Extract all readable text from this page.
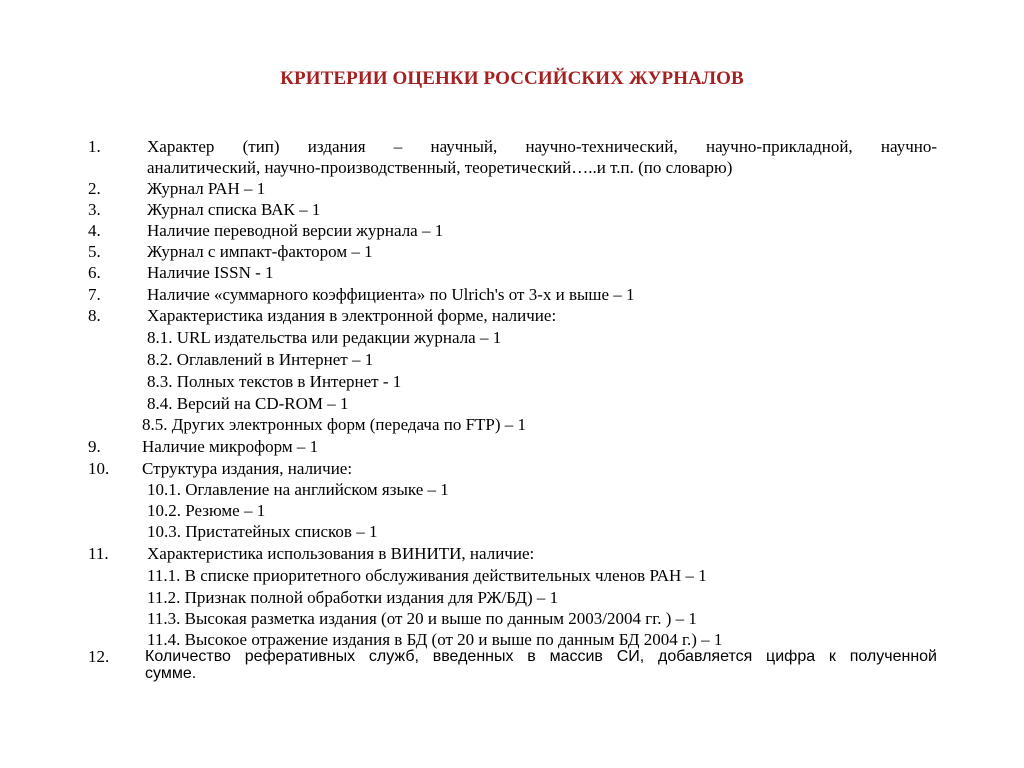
КРИТЕРИИ ОЦЕНКИ РОССИЙСКИХ ЖУРНАЛОВ
1.	Характер (тип) издания – научный, научно-технический, научно-прикладной, научно-
аналитический, научно-производственный, теоретический…..и т.п. (по словарю)
2.	Журнал РАН – 1
3.	Журнал списка ВАК – 1
4.	Наличие переводной версии журнала – 1
5.	Журнал с импакт-фактором – 1
6.	Наличие ISSN - 1
7.	Наличие «суммарного коэффициента» по Ulrich's от 3-х и выше – 1
8.	Характеристика издания в электронной форме, наличие:
8.1. URL издательства или редакции журнала – 1
8.2. Оглавлений в Интернет – 1
8.3. Полных текстов в Интернет - 1
8.4. Версий на CD-ROM – 1
8.5. Других электронных форм (передача по FTP) – 1
9. Наличие микроформ – 1
10. Структура издания, наличие:
10.1. Оглавление на английском языке – 1
10.2. Резюме – 1
10.3. Пристатейных списков – 1
11. Характеристика использования в ВИНИТИ, наличие:
11.1. В списке приоритетного обслуживания действительных членов РАН – 1
11.2. Признак полной обработки издания для РЖ/БД) – 1
11.3. Высокая разметка издания (от 20 и выше по данным 2003/2004 гг. ) – 1
11.4. Высокое отражение издания в БД (от 20 и выше по данным БД 2004 г.) – 1
12. Количество реферативных служб, введенных в массив СИ, добавляется цифра к полученной
сумме.
